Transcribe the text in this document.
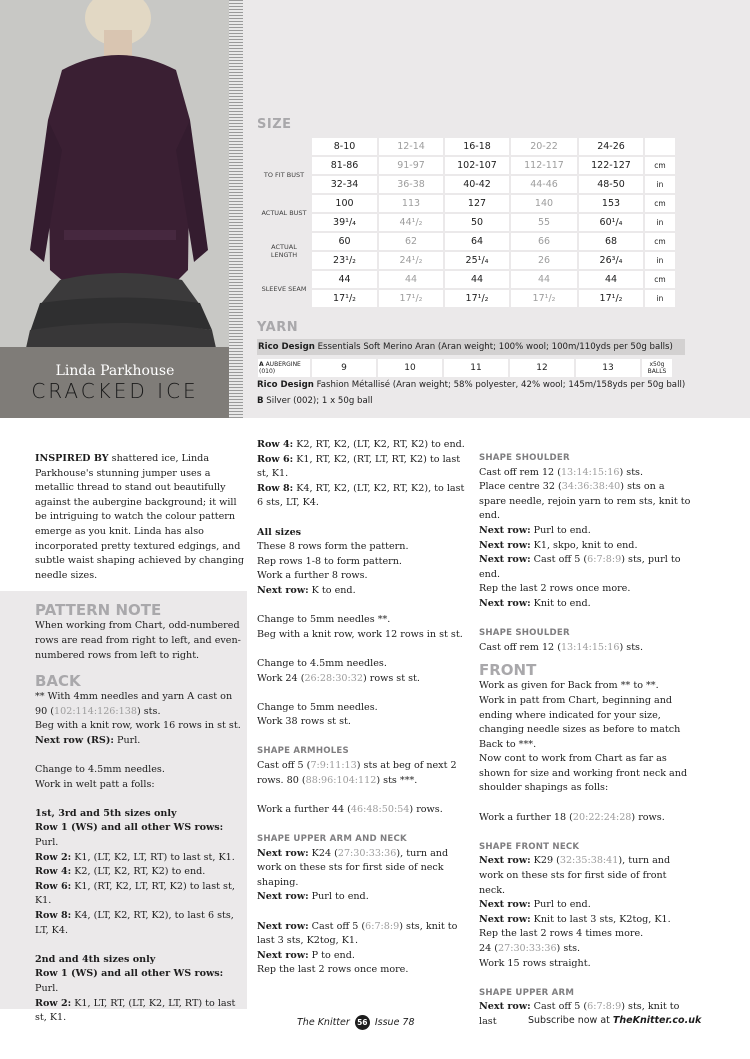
Linda Parkhouse
CRACKED ICE
SIZE
	8-10	12-14	16-18	20-22	24-26	
TO FIT BUST	81-86	91-97	102-107	112-117	122-127	cm
	32-34	36-38	40-42	44-46	48-50	in
ACTUAL BUST	100	113	127	140	153	cm
	39¹/₄	44¹/₂	50	55	60¹/₄	in
ACTUAL LENGTH	60	62	64	66	68	cm
	23¹/₂	24¹/₂	25¹/₄	26	26³/₄	in
SLEEVE SEAM	44	44	44	44	44	cm
	17¹/₂	17¹/₂	17¹/₂	17¹/₂	17¹/₂	in
YARN
Rico Design Essentials Soft Merino Aran (Aran weight; 100% wool; 100m/110yds per 50g balls)
A AUBERGINE (010)	9	10	11	12	13	x50g BALLS
Rico Design Fashion Métallisé (Aran weight; 58% polyester, 42% wool; 145m/158yds per 50g ball)
B Silver (002); 1 x 50g ball

INSPIRED BY shattered ice, Linda Parkhouse's stunning jumper uses a metallic thread to stand out beautifully against the aubergine background; it will be intriguing to watch the colour pattern emerge as you knit. Linda has also incorporated pretty textured edgings, and subtle waist shaping achieved by changing needle sizes.

PATTERN NOTE

When working from Chart, odd-numbered rows are read from right to left, and even-numbered rows from left to right.

BACK

** With 4mm needles and yarn A cast on 90 (102:114:126:138) sts.

Beg with a knit row, work 16 rows in st st.

Next row (RS): Purl.

Change to 4.5mm needles.

Work in welt patt a folls:

1st, 3rd and 5th sizes only

Row 1 (WS) and all other WS rows: Purl.

Row 2: K1, (LT, K2, LT, RT) to last st, K1.

Row 4: K2, (LT, K2, RT, K2) to end.

Row 6: K1, (RT, K2, LT, RT, K2) to last st, K1.

Row 8: K4, (LT, K2, RT, K2), to last 6 sts, LT, K4.

2nd and 4th sizes only

Row 1 (WS) and all other WS rows: Purl.

Row 2: K1, LT, RT, (LT, K2, LT, RT) to last st, K1.

Row 4: K2, RT, K2, (LT, K2, RT, K2) to end.

Row 6: K1, RT, K2, (RT, LT, RT, K2) to last st, K1.

Row 8: K4, RT, K2, (LT, K2, RT, K2), to last 6 sts, LT, K4.

All sizes

These 8 rows form the pattern.

Rep rows 1-8 to form pattern.

Work a further 8 rows.

Next row: K to end.

Change to 5mm needles **.

Beg with a knit row, work 12 rows in st st.

Change to 4.5mm needles.

Work 24 (26:28:30:32) rows st st.

Change to 5mm needles.

Work 38 rows st st.

SHAPE ARMHOLES

Cast off 5 (7:9:11:13) sts at beg of next 2 rows. 80 (88:96:104:112) sts ***.

Work a further 44 (46:48:50:54) rows.

SHAPE UPPER ARM AND NECK

Next row: K24 (27:30:33:36), turn and work on these sts for first side of neck shaping.

Next row: Purl to end.

Next row: Cast off 5 (6:7:8:9) sts, knit to last 3 sts, K2tog, K1.

Next row: P to end.

Rep the last 2 rows once more.

SHAPE SHOULDER

Cast off rem 12 (13:14:15:16) sts.

Place centre 32 (34:36:38:40) sts on a spare needle, rejoin yarn to rem sts, knit to end.

Next row: Purl to end.

Next row: K1, skpo, knit to end.

Next row: Cast off 5 (6:7:8:9) sts, purl to end.

Rep the last 2 rows once more.

Next row: Knit to end.

SHAPE SHOULDER

Cast off rem 12 (13:14:15:16) sts.

FRONT

Work as given for Back from ** to **.

Work in patt from Chart, beginning and ending where indicated for your size, changing needle sizes as before to match Back to ***.

Now cont to work from Chart as far as shown for size and working front neck and shoulder shapings as folls:

Work a further 18 (20:22:24:28) rows.

SHAPE FRONT NECK

Next row: K29 (32:35:38:41), turn and work on these sts for first side of front neck.

Next row: Purl to end.

Next row: Knit to last 3 sts, K2tog, K1.

Rep the last 2 rows 4 times more.

24 (27:30:33:36) sts.

Work 15 rows straight.

SHAPE UPPER ARM

Next row: Cast off 5 (6:7:8:9) sts, knit to last

The Knitter 56 Issue 78	Subscribe now at TheKnitter.co.uk
